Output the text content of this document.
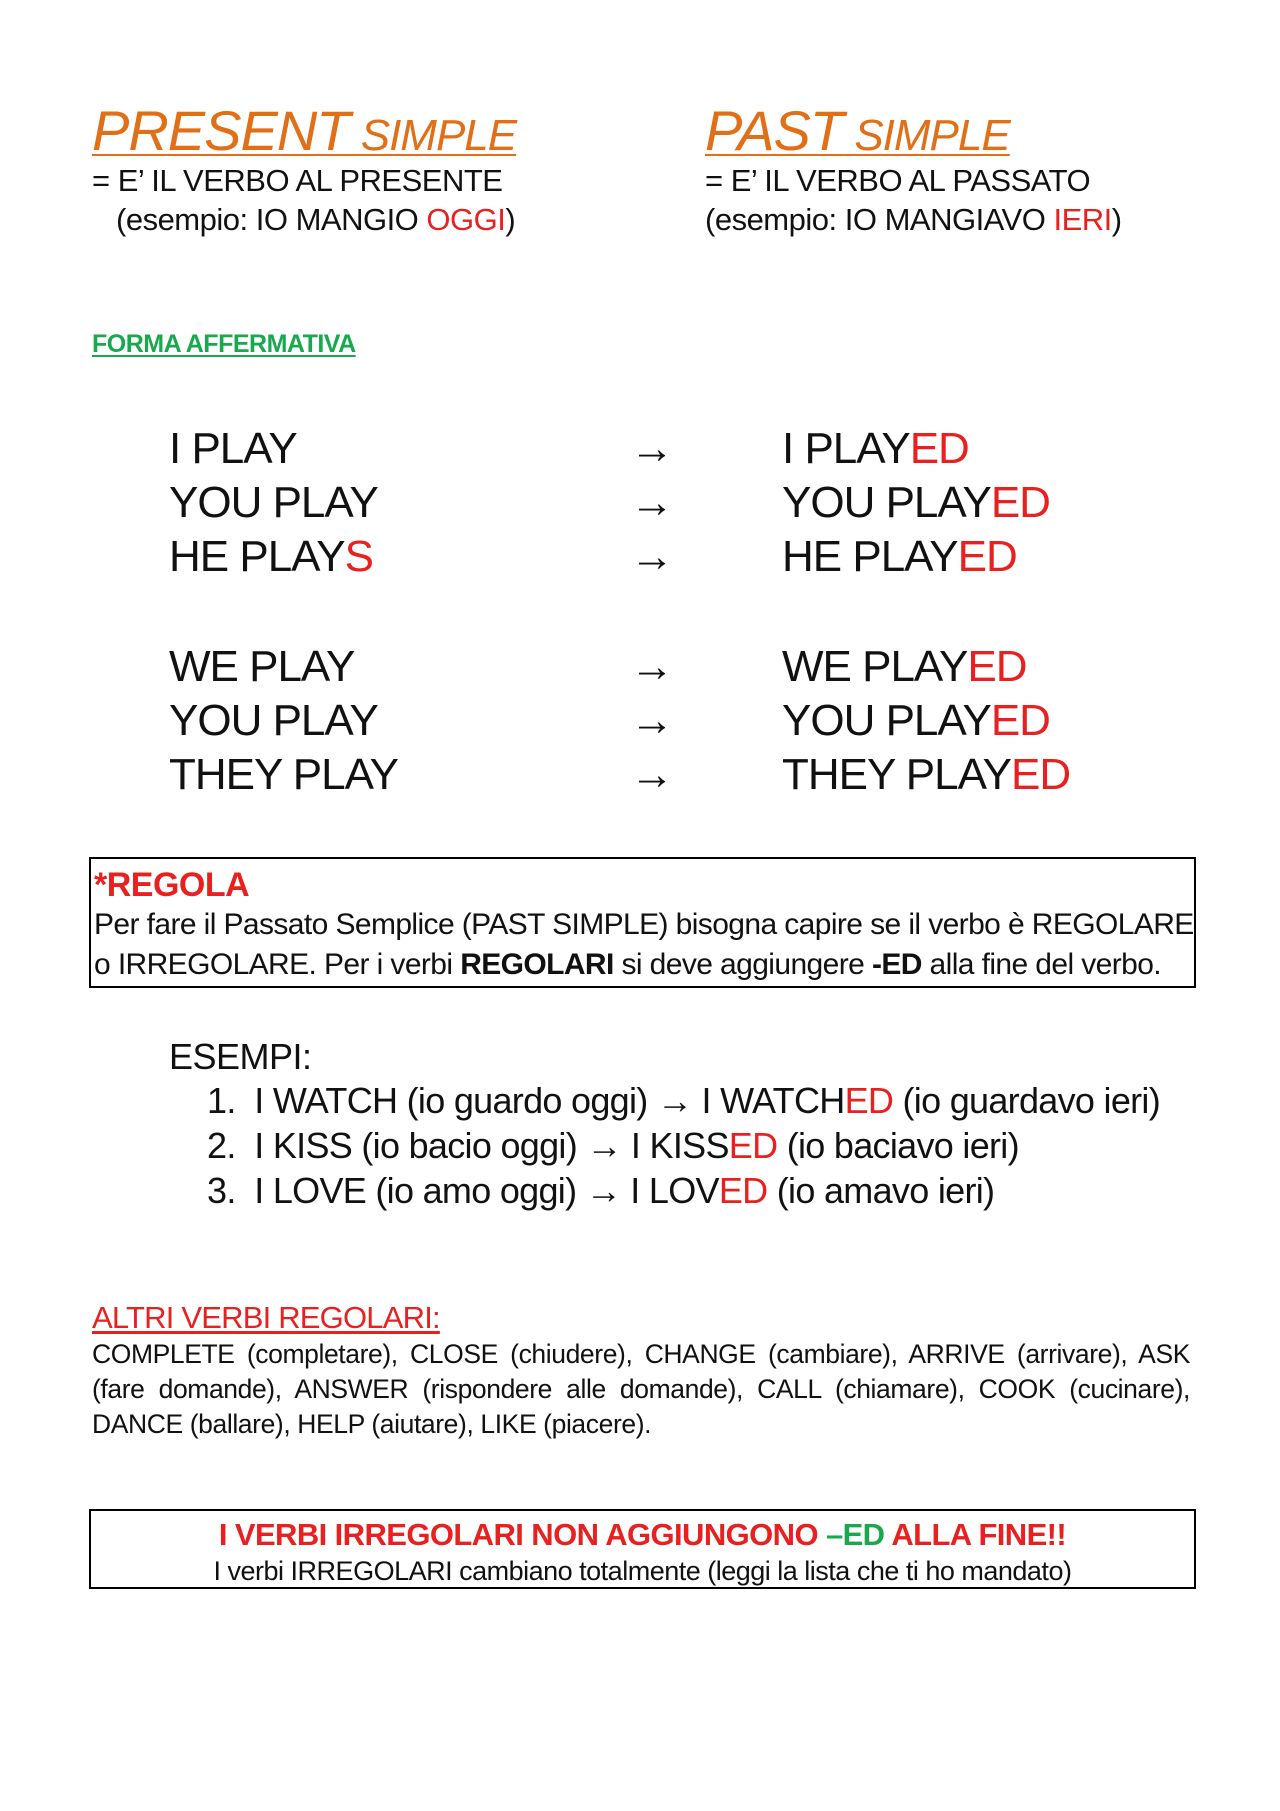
PRESENT SIMPLE
= E’ IL VERBO AL PRESENTE
(esempio: IO MANGIO OGGI)
PAST SIMPLE
= E’ IL VERBO AL PASSATO
(esempio: IO MANGIAVO IERI)
FORMA AFFERMATIVA
I PLAY	→ I PLAYED
YOU PLAY	→ YOU PLAYED
HE PLAYS	→ HE PLAYED
WE PLAY	→ WE PLAYED
YOU PLAY	→ YOU PLAYED
THEY PLAY	→ THEY PLAYED
*REGOLA
Per fare il Passato Semplice (PAST SIMPLE) bisogna capire se il verbo è REGOLARE
o IRREGOLARE. Per i verbi REGOLARI si deve aggiungere -ED alla fine del verbo.
ESEMPI:
1. I WATCH (io guardo oggi) → I WATCHED (io guardavo ieri)
2. I KISS (io bacio oggi) → I KISSED (io baciavo ieri)
3. I LOVE (io amo oggi) → I LOVED (io amavo ieri)
ALTRI VERBI REGOLARI:
COMPLETE (completare), CLOSE (chiudere), CHANGE (cambiare), ARRIVE (arrivare), ASK (fare domande), ANSWER (rispondere alle domande), CALL (chiamare), COOK (cucinare), DANCE (ballare), HELP (aiutare), LIKE (piacere).
I VERBI IRREGOLARI NON AGGIUNGONO –ED ALLA FINE!!
I verbi IRREGOLARI cambiano totalmente (leggi la lista che ti ho mandato)
